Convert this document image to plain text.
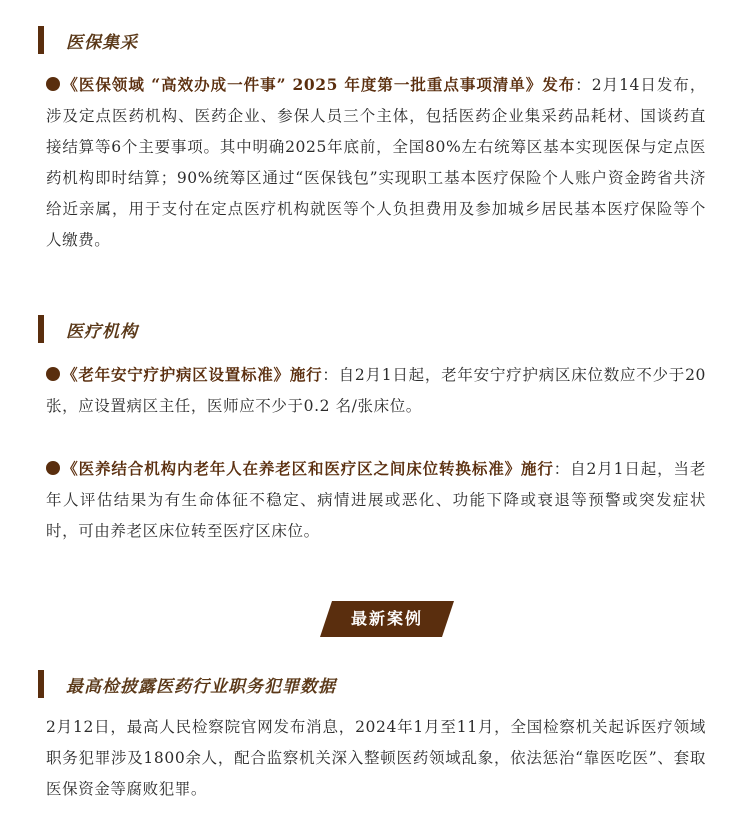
医保集采

《医保领域 “高效办成一件事” 2025 年度第一批重点事项清单》发布：2月14日发布，涉及定点医药机构、医药企业、参保人员三个主体，包括医药企业集采药品耗材、国谈药直接结算等6个主要事项。其中明确2025年底前，全国80%左右统筹区基本实现医保与定点医药机构即时结算；90%统筹区通过“医保钱包”实现职工基本医疗保险个人账户资金跨省共济给近亲属，用于支付在定点医疗机构就医等个人负担费用及参加城乡居民基本医疗保险等个人缴费。

医疗机构

《老年安宁疗护病区设置标准》施行：自2月1日起，老年安宁疗护病区床位数应不少于20张，应设置病区主任，医师应不少于0.2 名/张床位。

《医养结合机构内老年人在养老区和医疗区之间床位转换标准》施行：自2月1日起，当老年人评估结果为有生命体征不稳定、病情进展或恶化、功能下降或衰退等预警或突发症状时，可由养老区床位转至医疗区床位。

最新案例
最高检披露医药行业职务犯罪数据

2月12日，最高人民检察院官网发布消息，2024年1月至11月，全国检察机关起诉医疗领域职务犯罪涉及1800余人，配合监察机关深入整顿医药领域乱象，依法惩治“靠医吃医”、套取医保资金等腐败犯罪。
